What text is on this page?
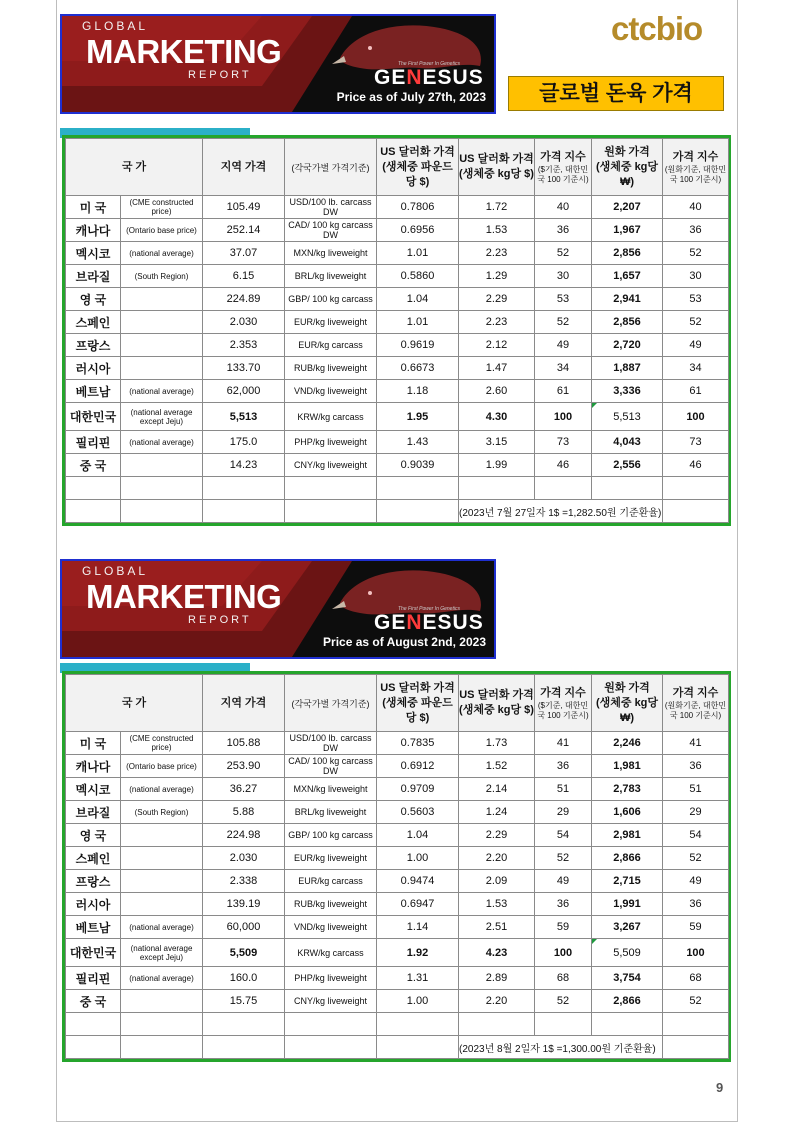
GLOBAL
MARKETING
REPORT
The First Power In Genetics
GENESUS
Price as of July 27th, 2023
ctcbio
글로벌 돈육 가격
국 가		지역 가격	(각국가별 가격기준)	US 달러화 가격
(생체중 파운드당 $)	US 달러화 가격
(생체중 kg당 $)	가격 지수
($기준, 대한민국 100 기준시)	원화 가격
(생체중 kg당 ₩)	가격 지수
(원화기준, 대한민국 100 기준시)

미 국	(CME constructed price)	105.49	USD/100 lb. carcass DW	0.7806	1.72	40	2,207	40
캐나다	(Ontario base price)	252.14	CAD/ 100 kg carcass DW	0.6956	1.53	36	1,967	36
멕시코	(national average)	37.07	MXN/kg liveweight	1.01	2.23	52	2,856	52
브라질	(South Region)	6.15	BRL/kg liveweight	0.5860	1.29	30	1,657	30
영 국		224.89	GBP/ 100 kg carcass	1.04	2.29	53	2,941	53
스페인		2.030	EUR/kg liveweight	1.01	2.23	52	2,856	52
프랑스		2.353	EUR/kg carcass	0.9619	2.12	49	2,720	49
러시아		133.70	RUB/kg liveweight	0.6673	1.47	34	1,887	34
베트남	(national average)	62,000	VND/kg liveweight	1.18	2.60	61	3,336	61
대한민국	(national average except Jeju)	5,513	KRW/kg carcass	1.95	4.30	100	5,513	100
필리핀	(national average)	175.0	PHP/kg liveweight	1.43	3.15	73	4,043	73
중 국		14.23	CNY/kg liveweight	0.9039	1.99	46	2,556	46

					(2023년 7월 27일자 1$ =1,282.50원 기준환율)			
GLOBAL
MARKETING
REPORT
The First Power In Genetics
GENESUS
Price as of August 2nd, 2023
국 가		지역 가격	(각국가별 가격기준)	US 달러화 가격
(생체중 파운드당 $)	US 달러화 가격
(생체중 kg당 $)	가격 지수
($기준, 대한민국 100 기준시)	원화 가격
(생체중 kg당 ₩)	가격 지수
(원화기준, 대한민국 100 기준시)

미 국	(CME constructed price)	105.88	USD/100 lb. carcass DW	0.7835	1.73	41	2,246	41
캐나다	(Ontario base price)	253.90	CAD/ 100 kg carcass DW	0.6912	1.52	36	1,981	36
멕시코	(national average)	36.27	MXN/kg liveweight	0.9709	2.14	51	2,783	51
브라질	(South Region)	5.88	BRL/kg liveweight	0.5603	1.24	29	1,606	29
영 국		224.98	GBP/ 100 kg carcass	1.04	2.29	54	2,981	54
스페인		2.030	EUR/kg liveweight	1.00	2.20	52	2,866	52
프랑스		2.338	EUR/kg carcass	0.9474	2.09	49	2,715	49
러시아		139.19	RUB/kg liveweight	0.6947	1.53	36	1,991	36
베트남	(national average)	60,000	VND/kg liveweight	1.14	2.51	59	3,267	59
대한민국	(national average except Jeju)	5,509	KRW/kg carcass	1.92	4.23	100	5,509	100
필리핀	(national average)	160.0	PHP/kg liveweight	1.31	2.89	68	3,754	68
중 국		15.75	CNY/kg liveweight	1.00	2.20	52	2,866	52

					(2023년 8월 2일자 1$ =1,300.00원 기준환율)			
9
